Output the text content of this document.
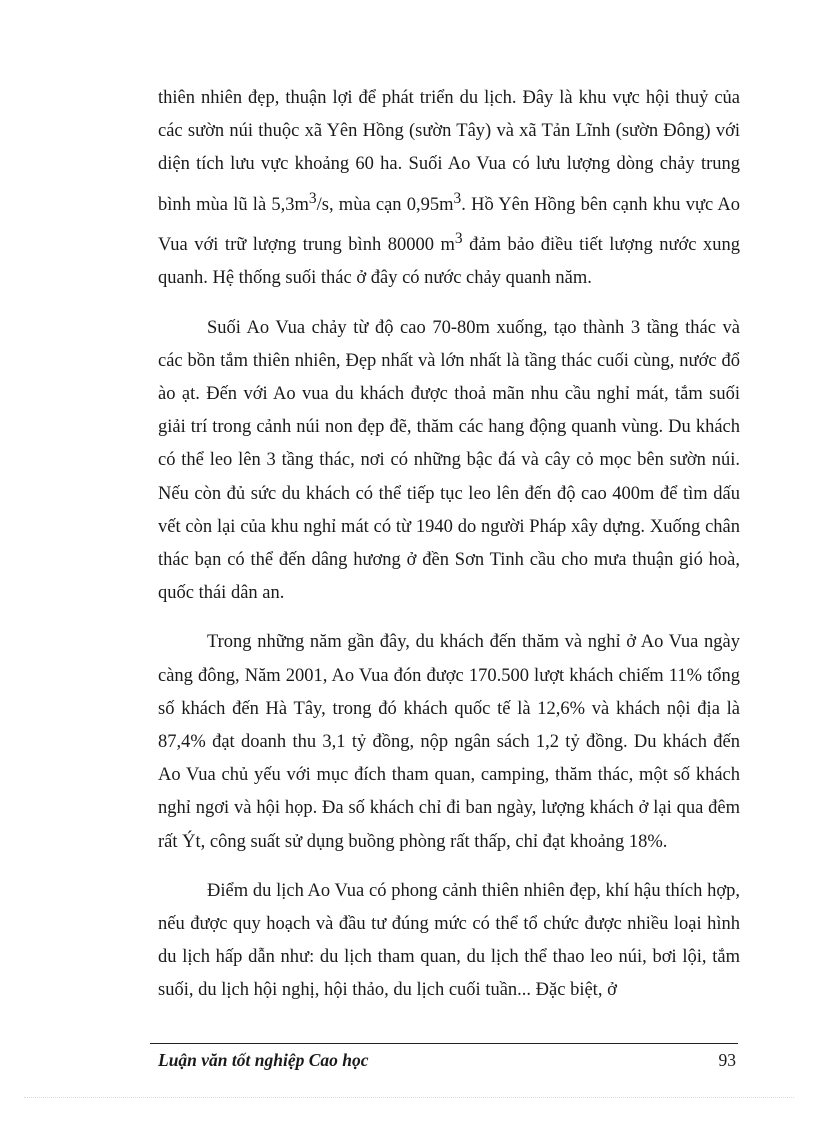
thiên nhiên đẹp, thuận lợi để phát triển du lịch. Đây là khu vực hội thuỷ của các sườn núi thuộc xã Yên Hồng (sườn Tây) và xã Tản Lĩnh (sườn Đông) với diện tích lưu vực khoảng 60 ha. Suối Ao Vua có lưu lượng dòng chảy trung bình mùa lũ là $5,3m^3/s$, mùa cạn $0,95m^3$. Hồ Yên Hồng bên cạnh khu vực Ao Vua với trữ lượng trung bình 80000 $m^3$ đảm bảo điều tiết lượng nước xung quanh. Hệ thống suối thác ở đây có nước chảy quanh năm.

Suối Ao Vua chảy từ độ cao 70-80m xuống, tạo thành 3 tầng thác và các bồn tắm thiên nhiên, Đẹp nhất và lớn nhất là tầng thác cuối cùng, nước đổ ào ạt. Đến với Ao vua du khách được thoả mãn nhu cầu nghỉ mát, tắm suối giải trí trong cảnh núi non đẹp đẽ, thăm các hang động quanh vùng. Du khách có thể leo lên 3 tầng thác, nơi có những bậc đá và cây cỏ mọc bên sườn núi. Nếu còn đủ sức du khách có thể tiếp tục leo lên đến độ cao 400m để tìm dấu vết còn lại của khu nghỉ mát có từ 1940 do người Pháp xây dựng. Xuống chân thác bạn có thể đến dâng hương ở đền Sơn Tinh cầu cho mưa thuận gió hoà, quốc thái dân an.

Trong những năm gần đây, du khách đến thăm và nghỉ ở Ao Vua ngày càng đông, Năm 2001, Ao Vua đón được 170.500 lượt khách chiếm 11% tổng số khách đến Hà Tây, trong đó khách quốc tế là 12,6% và khách nội địa là 87,4% đạt doanh thu 3,1 tỷ đồng, nộp ngân sách 1,2 tỷ đồng. Du khách đến Ao Vua chủ yếu với mục đích tham quan, camping, thăm thác, một số khách nghỉ ngơi và hội họp. Đa số khách chỉ đi ban ngày, lượng khách ở lại qua đêm rất Ýt, công suất sử dụng buồng phòng rất thấp, chỉ đạt khoảng 18%.

Điểm du lịch Ao Vua có phong cảnh thiên nhiên đẹp, khí hậu thích hợp, nếu được quy hoạch và đầu tư đúng mức có thể tổ chức được nhiều loại hình du lịch hấp dẫn như: du lịch tham quan, du lịch thể thao leo núi, bơi lội, tắm suối, du lịch hội nghị, hội thảo, du lịch cuối tuần... Đặc biệt, ở

Luận văn tốt nghiệp Cao học	93
